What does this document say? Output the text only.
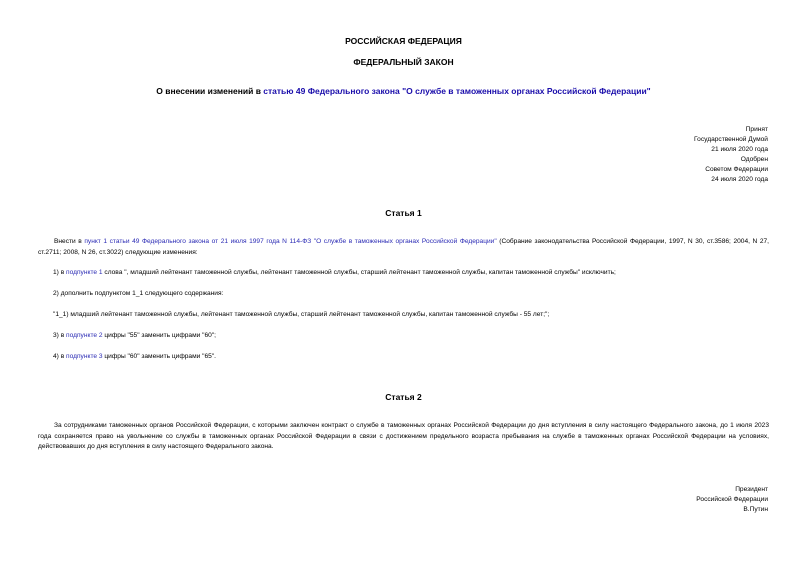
РОССИЙСКАЯ ФЕДЕРАЦИЯ
ФЕДЕРАЛЬНЫЙ ЗАКОН
О внесении изменений в статью 49 Федерального закона "О службе в таможенных органах Российской Федерации"
Принят
Государственной Думой
21 июля 2020 года
Одобрен
Советом Федерации
24 июля 2020 года
Статья 1
Внести в пункт 1 статьи 49 Федерального закона от 21 июля 1997 года N 114-ФЗ "О службе в таможенных органах Российской Федерации" (Собрание законодательства Российской Федерации, 1997, N 30, ст.3586; 2004, N 27, ст.2711; 2008, N 26, ст.3022) следующие изменения:
1) в подпункте 1 слова ", младший лейтенант таможенной службы, лейтенант таможенной службы, старший лейтенант таможенной службы, капитан таможенной службы" исключить;
2) дополнить подпунктом 1_1 следующего содержания:
"1_1) младший лейтенант таможенной службы, лейтенант таможенной службы, старший лейтенант таможенной службы, капитан таможенной службы - 55 лет;";
3) в подпункте 2 цифры "55" заменить цифрами "60";
4) в подпункте 3 цифры "60" заменить цифрами "65".
Статья 2
За сотрудниками таможенных органов Российской Федерации, с которыми заключен контракт о службе в таможенных органах Российской Федерации до дня вступления в силу настоящего Федерального закона, до 1 июля 2023 года сохраняется право на увольнение со службы в таможенных органах Российской Федерации в связи с достижением предельного возраста пребывания на службе в таможенных органах Российской Федерации на условиях, действовавших до дня вступления в силу настоящего Федерального закона.
Президент
Российской Федерации
В.Путин
